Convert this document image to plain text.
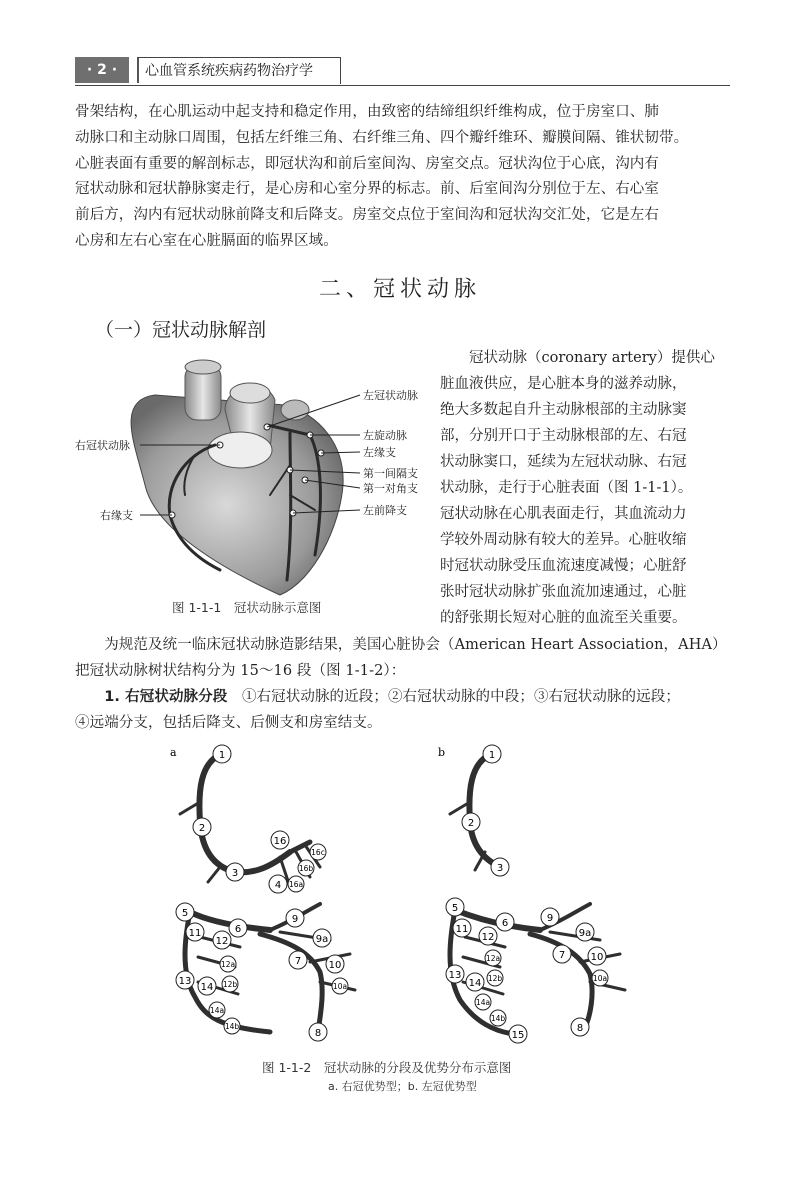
· 2 ·	心血管系统疾病药物治疗学
骨架结构，在心肌运动中起支持和稳定作用，由致密的结缔组织纤维构成，位于房室口、肺
动脉口和主动脉口周围，包括左纤维三角、右纤维三角、四个瓣纤维环、瓣膜间隔、锥状韧带。
心脏表面有重要的解剖标志，即冠状沟和前后室间沟、房室交点。冠状沟位于心底，沟内有
冠状动脉和冠状静脉窦走行，是心房和心室分界的标志。前、后室间沟分别位于左、右心室
前后方，沟内有冠状动脉前降支和后降支。房室交点位于室间沟和冠状沟交汇处，它是左右
心房和左右心室在心脏膈面的临界区域。
二、冠状动脉
（一）冠状动脉解剖
左冠状动脉
左旋动脉
左缘支
第一间隔支
第一对角支
左前降支
右冠状动脉
右缘支
图 1-1-1　冠状动脉示意图
　　冠状动脉（coronary artery）提供心
脏血液供应，是心脏本身的滋养动脉，
绝大多数起自升主动脉根部的主动脉窦
部，分别开口于主动脉根部的左、右冠
状动脉窦口，延续为左冠状动脉、右冠
状动脉，走行于心脏表面（图 1-1-1）。
冠状动脉在心肌表面走行，其血流动力
学较外周动脉有较大的差异。心脏收缩
时冠状动脉受压血流速度减慢；心脏舒
张时冠状动脉扩张血流加速通过，心脏
的舒张期长短对心脏的血流至关重要。
　　为规范及统一临床冠状动脉造影结果，美国心脏协会（American Heart Association，AHA）
把冠状动脉树状结构分为 15～16 段（图 1-1-2）：
　　1. 右冠状动脉分段　①右冠状动脉的近段；②右冠状动脉的中段；③右冠状动脉的远段；
④远端分支，包括后降支、后侧支和房室结支。
a	b
1
2
3
4
16
16a
16b
16c
5
6
7
8
9
9a
10
10a
11
12
12a
12b
13
14
14a
14b
1
2
3
5
6
7
8
9
9a
10
10a
11
12
12a
12b
13
14
14a
14b
15
图 1-1-2　冠状动脉的分段及优势分布示意图
a. 右冠优势型；b. 左冠优势型
